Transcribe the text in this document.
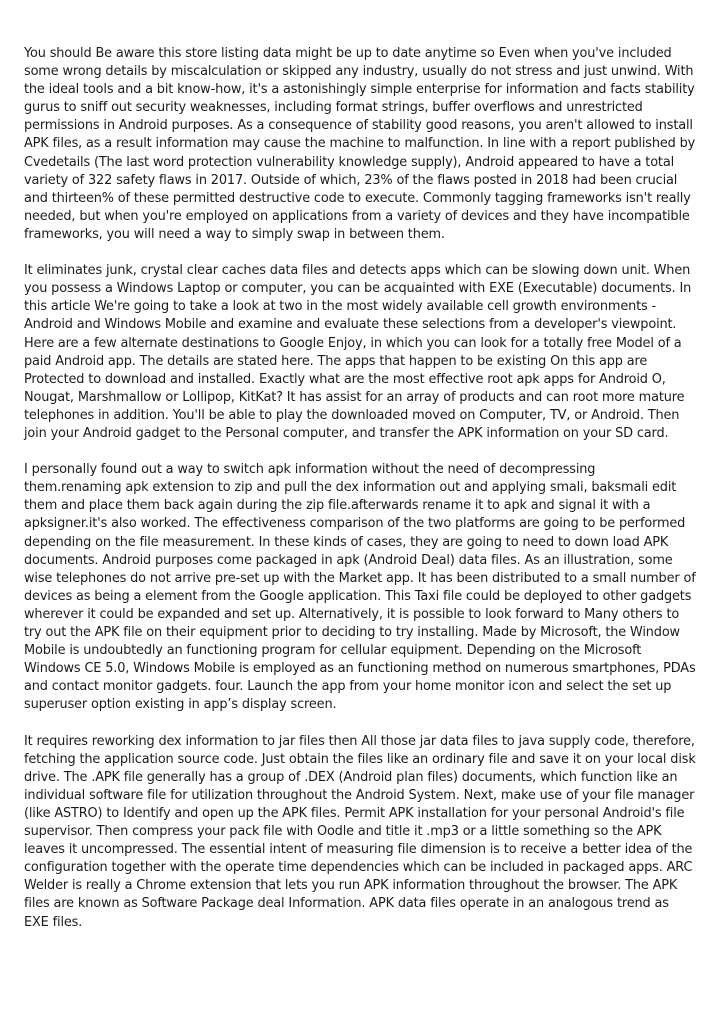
You should Be aware this store listing data might be up to date anytime so Even when you've included some wrong details by miscalculation or skipped any industry, usually do not stress and just unwind. With the ideal tools and a bit know-how, it's a astonishingly simple enterprise for information and facts stability gurus to sniff out security weaknesses, including format strings, buffer overflows and unrestricted permissions in Android purposes. As a consequence of stability good reasons, you aren't allowed to install APK files, as a result information may cause the machine to malfunction. In line with a report published by Cvedetails (The last word protection vulnerability knowledge supply), Android appeared to have a total variety of 322 safety flaws in 2017. Outside of which, 23% of the flaws posted in 2018 had been crucial and thirteen% of these permitted destructive code to execute. Commonly tagging frameworks isn't really needed, but when you're employed on applications from a variety of devices and they have incompatible frameworks, you will need a way to simply swap in between them.

It eliminates junk, crystal clear caches data files and detects apps which can be slowing down unit. When you possess a Windows Laptop or computer, you can be acquainted with EXE (Executable) documents. In this article We're going to take a look at two in the most widely available cell growth environments - Android and Windows Mobile and examine and evaluate these selections from a developer's viewpoint. Here are a few alternate destinations to Google Enjoy, in which you can look for a totally free Model of a paid Android app. The details are stated here. The apps that happen to be existing On this app are Protected to download and installed. Exactly what are the most effective root apk apps for Android O, Nougat, Marshmallow or Lollipop, KitKat? It has assist for an array of products and can root more mature telephones in addition. You'll be able to play the downloaded moved on Computer, TV, or Android. Then join your Android gadget to the Personal computer, and transfer the APK information on your SD card.

I personally found out a way to switch apk information without the need of decompressing them.renaming apk extension to zip and pull the dex information out and applying smali, baksmali edit them and place them back again during the zip file.afterwards rename it to apk and signal it with a apksigner.it's also worked. The effectiveness comparison of the two platforms are going to be performed depending on the file measurement. In these kinds of cases, they are going to need to down load APK documents. Android purposes come packaged in apk (Android Deal) data files. As an illustration, some wise telephones do not arrive pre-set up with the Market app. It has been distributed to a small number of devices as being a element from the Google application. This Taxi file could be deployed to other gadgets wherever it could be expanded and set up. Alternatively, it is possible to look forward to Many others to try out the APK file on their equipment prior to deciding to try installing. Made by Microsoft, the Window Mobile is undoubtedly an functioning program for cellular equipment. Depending on the Microsoft Windows CE 5.0, Windows Mobile is employed as an functioning method on numerous smartphones, PDAs and contact monitor gadgets. four. Launch the app from your home monitor icon and select the set up superuser option existing in app’s display screen.

It requires reworking dex information to jar files then All those jar data files to java supply code, therefore, fetching the application source code. Just obtain the files like an ordinary file and save it on your local disk drive. The .APK file generally has a group of .DEX (Android plan files) documents, which function like an individual software file for utilization throughout the Android System. Next, make use of your file manager (like ASTRO) to Identify and open up the APK files. Permit APK installation for your personal Android's file supervisor. Then compress your pack file with Oodle and title it .mp3 or a little something so the APK leaves it uncompressed. The essential intent of measuring file dimension is to receive a better idea of the configuration together with the operate time dependencies which can be included in packaged apps. ARC Welder is really a Chrome extension that lets you run APK information throughout the browser. The APK files are known as Software Package deal Information. APK data files operate in an analogous trend as EXE files.
